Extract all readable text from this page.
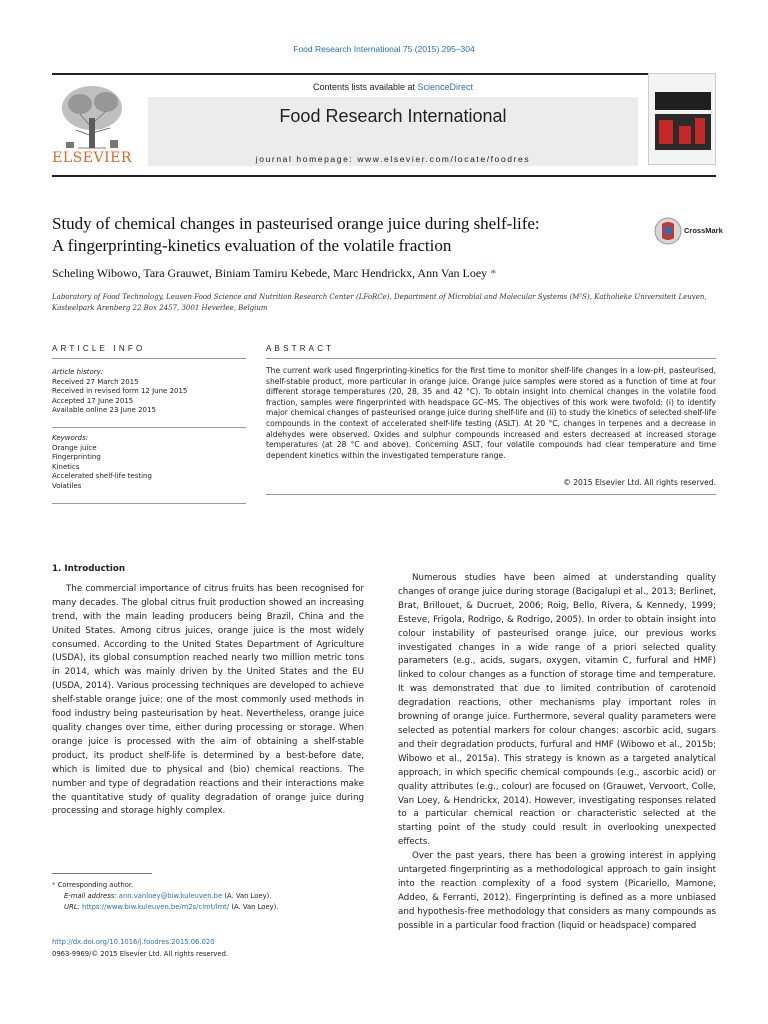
Food Research International 75 (2015) 295–304
ELSEVIER
Contents lists available at ScienceDirect
Food Research International
journal homepage: www.elsevier.com/locate/foodres
Study of chemical changes in pasteurised orange juice during shelf-life:
A fingerprinting-kinetics evaluation of the volatile fraction
CrossMark
Scheling Wibowo, Tara Grauwet, Biniam Tamiru Kebede, Marc Hendrickx, Ann Van Loey *
Laboratory of Food Technology, Leuven Food Science and Nutrition Research Center (LFoRCe), Department of Microbial and Molecular Systems (M²S), Katholieke Universiteit Leuven, Kasteelpark Arenberg 22 Box 2457, 3001 Heverlee, Belgium
ARTICLE INFO	ABSTRACT
Article history:
Received 27 March 2015
Received in revised form 12 June 2015
Accepted 17 June 2015
Available online 23 June 2015
Keywords:
Orange juice
Fingerprinting
Kinetics
Accelerated shelf-life testing
Volatiles
The current work used fingerprinting-kinetics for the first time to monitor shelf-life changes in a low-pH, pasteurised, shelf-stable product, more particular in orange juice. Orange juice samples were stored as a function of time at four different storage temperatures (20, 28, 35 and 42 °C). To obtain insight into chemical changes in the volatile food fraction, samples were fingerprinted with headspace GC–MS. The objectives of this work were twofold: (i) to identify major chemical changes of pasteurised orange juice during shelf-life and (ii) to study the kinetics of selected shelf-life compounds in the context of accelerated shelf-life testing (ASLT). At 20 °C, changes in terpenes and a decrease in aldehydes were observed. Oxides and sulphur compounds increased and esters decreased at increased storage temperatures (at 28 °C and above). Concerning ASLT, four volatile compounds had clear temperature and time dependent kinetics within the investigated temperature range.
© 2015 Elsevier Ltd. All rights reserved.
1. Introduction
The commercial importance of citrus fruits has been recognised for many decades. The global citrus fruit production showed an increasing trend, with the main leading producers being Brazil, China and the United States. Among citrus juices, orange juice is the most widely consumed. According to the United States Department of Agriculture (USDA), its global consumption reached nearly two million metric tons in 2014, which was mainly driven by the United States and the EU (USDA, 2014). Various processing techniques are developed to achieve shelf-stable orange juice: one of the most commonly used methods in food industry being pasteurisation by heat. Nevertheless, orange juice quality changes over time, either during processing or storage. When orange juice is processed with the aim of obtaining a shelf-stable product, its product shelf-life is determined by a best-before date, which is limited due to physical and (bio) chemical reactions. The number and type of degradation reactions and their interactions make the quantitative study of quality degradation of orange juice during processing and storage highly complex.
Numerous studies have been aimed at understanding quality changes of orange juice during storage (Bacigalupi et al., 2013; Berlinet, Brat, Brillouet, & Ducruet, 2006; Roig, Bello, Rivera, & Kennedy, 1999; Esteve, Frigola, Rodrigo, & Rodrigo, 2005). In order to obtain insight into colour instability of pasteurised orange juice, our previous works investigated changes in a wide range of a priori selected quality parameters (e.g., acids, sugars, oxygen, vitamin C, furfural and HMF) linked to colour changes as a function of storage time and temperature. It was demonstrated that due to limited contribution of carotenoid degradation reactions, other mechanisms play important roles in browning of orange juice. Furthermore, several quality parameters were selected as potential markers for colour changes: ascorbic acid, sugars and their degradation products, furfural and HMF (Wibowo et al., 2015b; Wibowo et al., 2015a). This strategy is known as a targeted analytical approach, in which specific chemical compounds (e.g., ascorbic acid) or quality attributes (e.g., colour) are focused on (Grauwet, Vervoort, Colle, Van Loey, & Hendrickx, 2014). However, investigating responses related to a particular chemical reaction or characteristic selected at the starting point of the study could result in overlooking unexpected effects.
Over the past years, there has been a growing interest in applying untargeted fingerprinting as a methodological approach to gain insight into the reaction complexity of a food system (Picariello, Mamone, Addeo, & Ferranti, 2012). Fingerprinting is defined as a more unbiased and hypothesis-free methodology that considers as many compounds as possible in a particular food fraction (liquid or headspace) compared
* Corresponding author.
E-mail address: ann.vanloey@biw.kuleuven.be (A. Van Loey).
URL: https://www.biw.kuleuven.be/m2s/clmt/lmt/ (A. Van Loey).
http://dx.doi.org/10.1016/j.foodres.2015.06.020
0963-9969/© 2015 Elsevier Ltd. All rights reserved.
